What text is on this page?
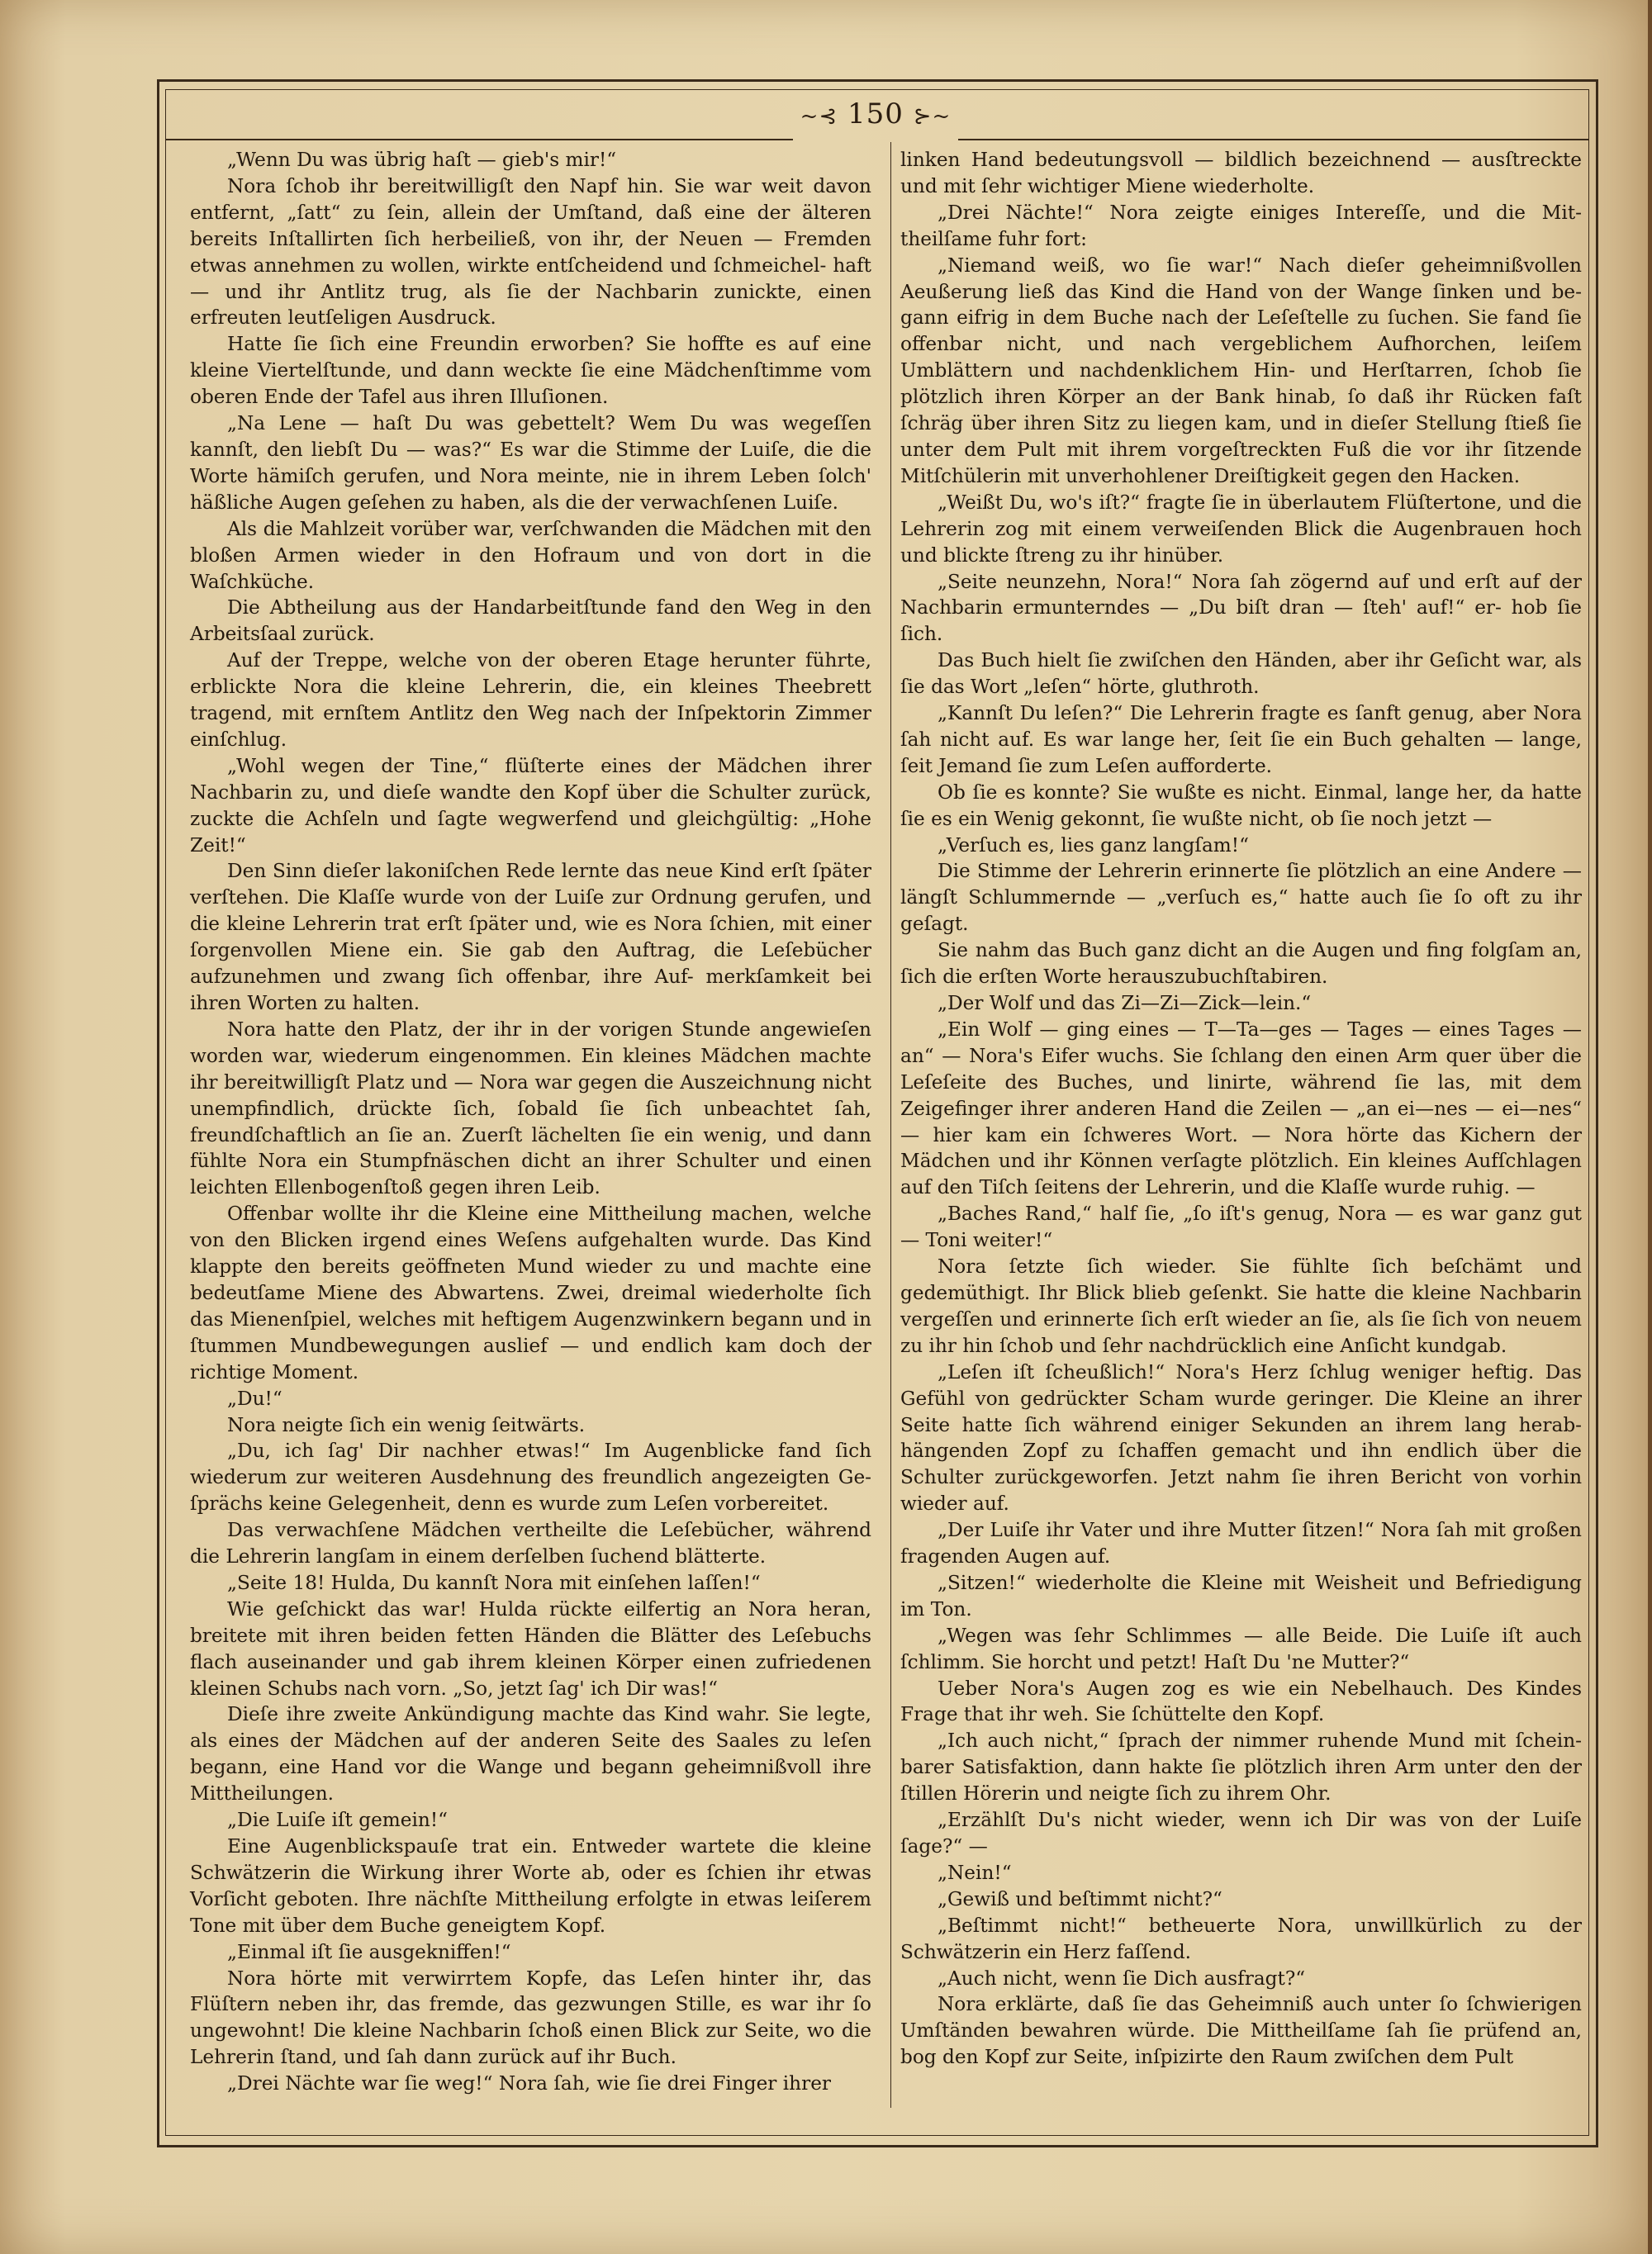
~⊰ 150 ⊱~

„Wenn Du was übrig haſt — gieb's mir!“

Nora ſchob ihr bereitwilligſt den Napf hin. Sie war weit davon entfernt, „ſatt“ zu ſein, allein der Umſtand, daß eine der älteren bereits Inſtallirten ſich herbeiließ, von ihr, der Neuen — Fremden etwas annehmen zu wollen, wirkte entſcheidend und ſchmeichel- haft — und ihr Antlitz trug, als ſie der Nachbarin zunickte, einen erfreuten leutſeligen Ausdruck.

Hatte ſie ſich eine Freundin erworben? Sie hoffte es auf eine kleine Viertelſtunde, und dann weckte ſie eine Mädchenſtimme vom oberen Ende der Tafel aus ihren Illuſionen.

„Na Lene — haſt Du was gebettelt? Wem Du was wegeſſen kannſt, den liebſt Du — was?“ Es war die Stimme der Luiſe, die die Worte hämiſch gerufen, und Nora meinte, nie in ihrem Leben ſolch' häßliche Augen geſehen zu haben, als die der verwachſenen Luiſe.

Als die Mahlzeit vorüber war, verſchwanden die Mädchen mit den bloßen Armen wieder in den Hofraum und von dort in die Waſchküche.

Die Abtheilung aus der Handarbeitſtunde fand den Weg in den Arbeitsſaal zurück.

Auf der Treppe, welche von der oberen Etage herunter führte, erblickte Nora die kleine Lehrerin, die, ein kleines Theebrett tragend, mit ernſtem Antlitz den Weg nach der Inſpektorin Zimmer einſchlug.

„Wohl wegen der Tine,“ flüſterte eines der Mädchen ihrer Nachbarin zu, und dieſe wandte den Kopf über die Schulter zurück, zuckte die Achſeln und ſagte wegwerfend und gleichgültig: „Hohe Zeit!“

Den Sinn dieſer lakoniſchen Rede lernte das neue Kind erſt ſpäter verſtehen. Die Klaſſe wurde von der Luiſe zur Ordnung gerufen, und die kleine Lehrerin trat erſt ſpäter und, wie es Nora ſchien, mit einer ſorgenvollen Miene ein. Sie gab den Auftrag, die Leſebücher aufzunehmen und zwang ſich offenbar, ihre Auf- merkſamkeit bei ihren Worten zu halten.

Nora hatte den Platz, der ihr in der vorigen Stunde angewieſen worden war, wiederum eingenommen. Ein kleines Mädchen machte ihr bereitwilligſt Platz und — Nora war gegen die Auszeichnung nicht unempfindlich, drückte ſich, ſobald ſie ſich unbeachtet ſah, freundſchaftlich an ſie an. Zuerſt lächelten ſie ein wenig, und dann fühlte Nora ein Stumpfnäschen dicht an ihrer Schulter und einen leichten Ellenbogenſtoß gegen ihren Leib.

Offenbar wollte ihr die Kleine eine Mittheilung machen, welche von den Blicken irgend eines Weſens aufgehalten wurde. Das Kind klappte den bereits geöffneten Mund wieder zu und machte eine bedeutſame Miene des Abwartens. Zwei, dreimal wiederholte ſich das Mienenſpiel, welches mit heftigem Augenzwinkern begann und in ſtummen Mundbewegungen auslief — und endlich kam doch der richtige Moment.

„Du!“

Nora neigte ſich ein wenig ſeitwärts.

„Du, ich ſag' Dir nachher etwas!“ Im Augenblicke fand ſich wiederum zur weiteren Ausdehnung des freundlich angezeigten Ge- ſprächs keine Gelegenheit, denn es wurde zum Leſen vorbereitet.

Das verwachſene Mädchen vertheilte die Leſebücher, während die Lehrerin langſam in einem derſelben ſuchend blätterte.

„Seite 18! Hulda, Du kannſt Nora mit einſehen laſſen!“

Wie geſchickt das war! Hulda rückte eilfertig an Nora heran, breitete mit ihren beiden fetten Händen die Blätter des Leſebuchs flach auseinander und gab ihrem kleinen Körper einen zufriedenen kleinen Schubs nach vorn. „So, jetzt ſag' ich Dir was!“

Dieſe ihre zweite Ankündigung machte das Kind wahr. Sie legte, als eines der Mädchen auf der anderen Seite des Saales zu leſen begann, eine Hand vor die Wange und begann geheimnißvoll ihre Mittheilungen.

„Die Luiſe iſt gemein!“

Eine Augenblickspauſe trat ein. Entweder wartete die kleine Schwätzerin die Wirkung ihrer Worte ab, oder es ſchien ihr etwas Vorſicht geboten. Ihre nächſte Mittheilung erfolgte in etwas leiſerem Tone mit über dem Buche geneigtem Kopf.

„Einmal iſt ſie ausgekniffen!“

Nora hörte mit verwirrtem Kopfe, das Leſen hinter ihr, das Flüſtern neben ihr, das fremde, das gezwungen Stille, es war ihr ſo ungewohnt! Die kleine Nachbarin ſchoß einen Blick zur Seite, wo die Lehrerin ſtand, und ſah dann zurück auf ihr Buch.

„Drei Nächte war ſie weg!“ Nora ſah, wie ſie drei Finger ihrer

linken Hand bedeutungsvoll — bildlich bezeichnend — ausſtreckte und mit ſehr wichtiger Miene wiederholte.

„Drei Nächte!“ Nora zeigte einiges Intereſſe, und die Mit- theilſame fuhr fort:

„Niemand weiß, wo ſie war!“ Nach dieſer geheimnißvollen Aeußerung ließ das Kind die Hand von der Wange ſinken und be- gann eifrig in dem Buche nach der Leſeſtelle zu ſuchen. Sie fand ſie offenbar nicht, und nach vergeblichem Aufhorchen, leiſem Umblättern und nachdenklichem Hin- und Herſtarren, ſchob ſie plötzlich ihren Körper an der Bank hinab, ſo daß ihr Rücken faſt ſchräg über ihren Sitz zu liegen kam, und in dieſer Stellung ſtieß ſie unter dem Pult mit ihrem vorgeſtreckten Fuß die vor ihr ſitzende Mitſchülerin mit unverhohlener Dreiſtigkeit gegen den Hacken.

„Weißt Du, wo's iſt?“ fragte ſie in überlautem Flüſtertone, und die Lehrerin zog mit einem verweiſenden Blick die Augenbrauen hoch und blickte ſtreng zu ihr hinüber.

„Seite neunzehn, Nora!“ Nora ſah zögernd auf und erſt auf der Nachbarin ermunterndes — „Du biſt dran — ſteh' auf!“ er- hob ſie ſich.

Das Buch hielt ſie zwiſchen den Händen, aber ihr Geſicht war, als ſie das Wort „leſen“ hörte, gluthroth.

„Kannſt Du leſen?“ Die Lehrerin fragte es ſanft genug, aber Nora ſah nicht auf. Es war lange her, ſeit ſie ein Buch gehalten — lange, ſeit Jemand ſie zum Leſen aufforderte.

Ob ſie es konnte? Sie wußte es nicht. Einmal, lange her, da hatte ſie es ein Wenig gekonnt, ſie wußte nicht, ob ſie noch jetzt —

„Verſuch es, lies ganz langſam!“

Die Stimme der Lehrerin erinnerte ſie plötzlich an eine Andere — längſt Schlummernde — „verſuch es,“ hatte auch ſie ſo oft zu ihr geſagt.

Sie nahm das Buch ganz dicht an die Augen und fing folgſam an, ſich die erſten Worte herauszubuchſtabiren.

„Der Wolf und das Zi—Zi—Zick—lein.“

„Ein Wolf — ging eines — T—Ta—ges — Tages — eines Tages — an“ — Nora's Eifer wuchs. Sie ſchlang den einen Arm quer über die Leſeſeite des Buches, und linirte, während ſie las, mit dem Zeigefinger ihrer anderen Hand die Zeilen — „an ei—nes — ei—nes“ — hier kam ein ſchweres Wort. — Nora hörte das Kichern der Mädchen und ihr Können verſagte plötzlich. Ein kleines Aufſchlagen auf den Tiſch ſeitens der Lehrerin, und die Klaſſe wurde ruhig. —

„Baches Rand,“ half ſie, „ſo iſt's genug, Nora — es war ganz gut — Toni weiter!“

Nora ſetzte ſich wieder. Sie fühlte ſich beſchämt und gedemüthigt. Ihr Blick blieb geſenkt. Sie hatte die kleine Nachbarin vergeſſen und erinnerte ſich erſt wieder an ſie, als ſie ſich von neuem zu ihr hin ſchob und ſehr nachdrücklich eine Anſicht kundgab.

„Leſen iſt ſcheußlich!“ Nora's Herz ſchlug weniger heftig. Das Gefühl von gedrückter Scham wurde geringer. Die Kleine an ihrer Seite hatte ſich während einiger Sekunden an ihrem lang herab- hängenden Zopf zu ſchaffen gemacht und ihn endlich über die Schulter zurückgeworfen. Jetzt nahm ſie ihren Bericht von vorhin wieder auf.

„Der Luiſe ihr Vater und ihre Mutter ſitzen!“ Nora ſah mit großen fragenden Augen auf.

„Sitzen!“ wiederholte die Kleine mit Weisheit und Befriedigung im Ton.

„Wegen was ſehr Schlimmes — alle Beide. Die Luiſe iſt auch ſchlimm. Sie horcht und petzt! Haſt Du 'ne Mutter?“

Ueber Nora's Augen zog es wie ein Nebelhauch. Des Kindes Frage that ihr weh. Sie ſchüttelte den Kopf.

„Ich auch nicht,“ ſprach der nimmer ruhende Mund mit ſchein- barer Satisfaktion, dann hakte ſie plötzlich ihren Arm unter den der ſtillen Hörerin und neigte ſich zu ihrem Ohr.

„Erzählſt Du's nicht wieder, wenn ich Dir was von der Luiſe ſage?“ —

„Nein!“

„Gewiß und beſtimmt nicht?“

„Beſtimmt nicht!“ betheuerte Nora, unwillkürlich zu der Schwätzerin ein Herz faſſend.

„Auch nicht, wenn ſie Dich ausfragt?“

Nora erklärte, daß ſie das Geheimniß auch unter ſo ſchwierigen Umſtänden bewahren würde. Die Mittheilſame ſah ſie prüfend an, bog den Kopf zur Seite, inſpizirte den Raum zwiſchen dem Pult
